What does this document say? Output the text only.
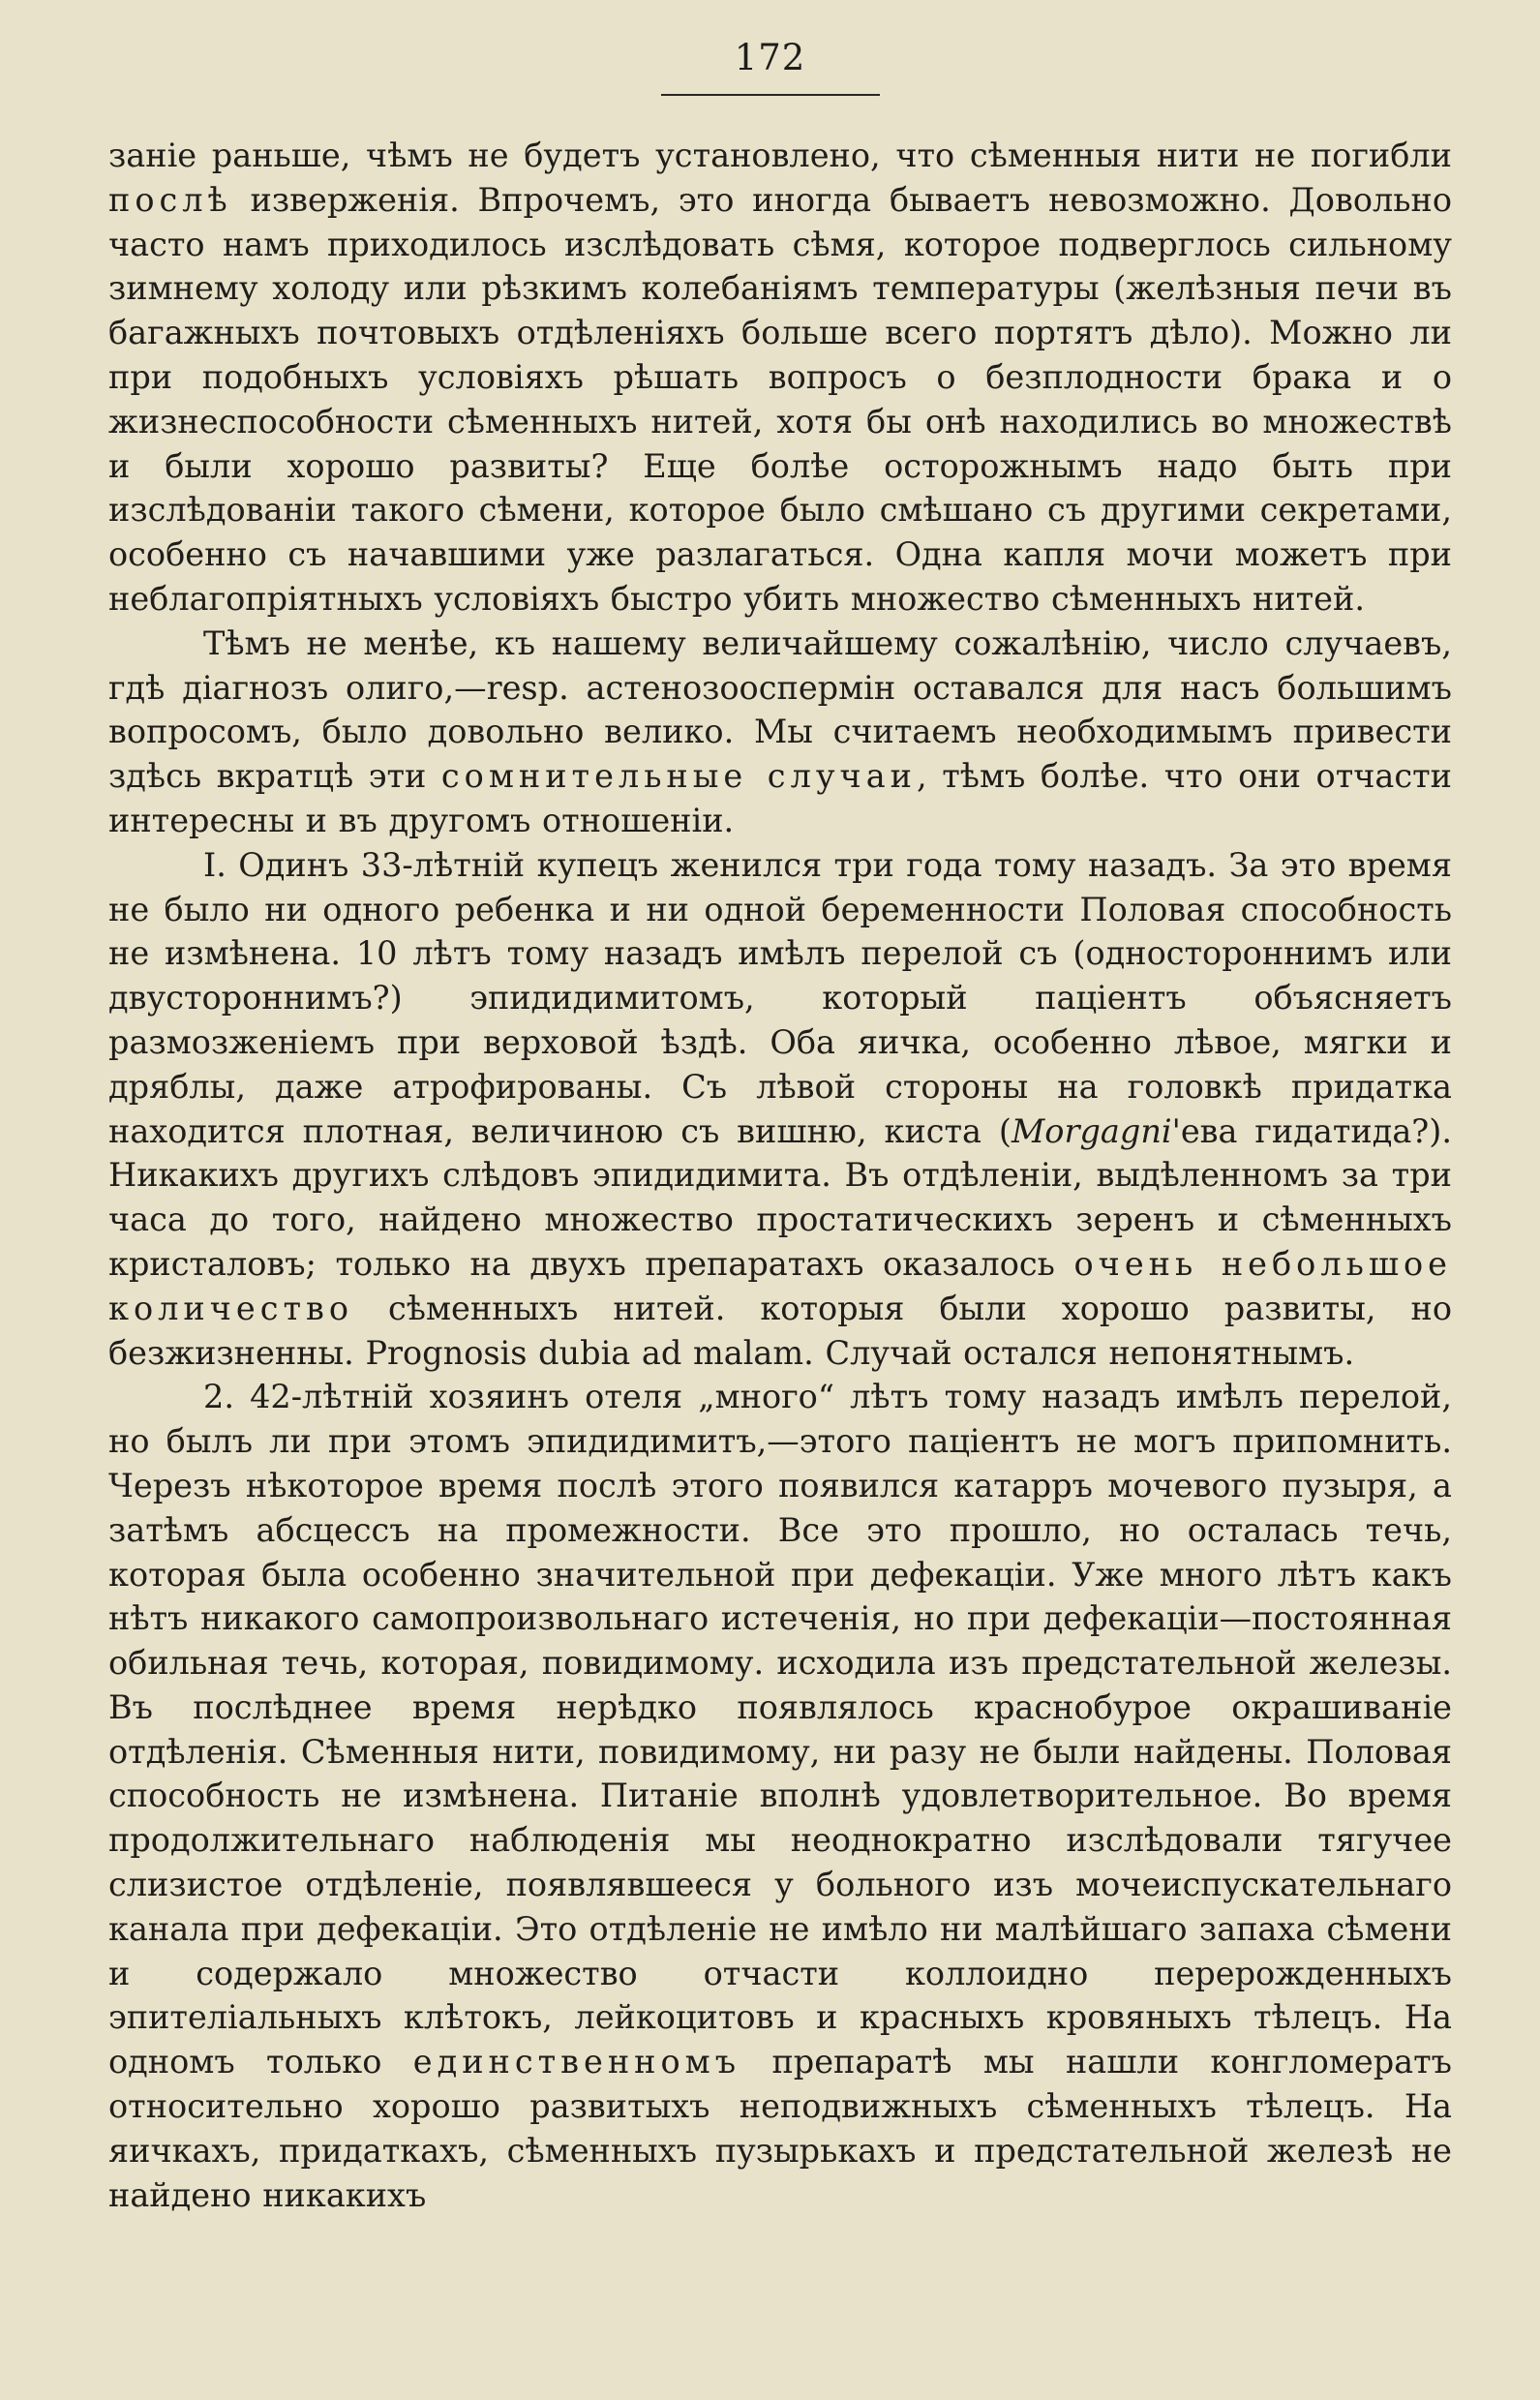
172

заніе раньше, чѣмъ не будетъ установлено, что сѣменныя нити не погибли послѣ изверженія. Впрочемъ, это иногда бываетъ невозможно. Довольно часто намъ приходилось изслѣдовать сѣмя, которое подверглось сильному зимнему холоду или рѣзкимъ колебаніямъ температуры (желѣзныя печи въ багажныхъ почтовыхъ отдѣленіяхъ больше всего портятъ дѣло). Можно ли при подобныхъ условіяхъ рѣшать вопросъ о безплодности брака и о жизнеспособности сѣменныхъ нитей, хотя бы онѣ находились во множествѣ и были хорошо развиты? Еще болѣе осторожнымъ надо быть при изслѣдованіи такого сѣмени, которое было смѣшано съ другими секретами, особенно съ начавшими уже разлагаться. Одна капля мочи можетъ при неблагопріятныхъ условіяхъ быстро убить множество сѣменныхъ нитей.

Тѣмъ не менѣе, къ нашему величайшему сожалѣнію, число случаевъ, гдѣ діагнозъ олиго,—resp. астенозооспермін оставался для насъ большимъ вопросомъ, было довольно велико. Мы считаемъ необходимымъ привести здѣсь вкратцѣ эти сомнительные случаи, тѣмъ болѣе. что они отчасти интересны и въ другомъ отношеніи.

I. Одинъ 33-лѣтній купецъ женился три года тому назадъ. За это время не было ни одного ребенка и ни одной беременности Половая способность не измѣнена. 10 лѣтъ тому назадъ имѣлъ перелой съ (одностороннимъ или двустороннимъ?) эпидидимитомъ, который паціентъ объясняетъ размозженіемъ при верховой ѣздѣ. Оба яичка, особенно лѣвое, мягки и дряблы, даже атрофированы. Съ лѣвой стороны на головкѣ придатка находится плотная, величиною съ вишню, киста (Morgagni'ева гидатида?). Никакихъ другихъ слѣдовъ эпидидимита. Въ отдѣленіи, выдѣленномъ за три часа до того, найдено множество простатическихъ зеренъ и сѣменныхъ кристаловъ; только на двухъ препаратахъ оказалось очень небольшое количество сѣменныхъ нитей. которыя были хорошо развиты, но безжизненны. Prognosis dubia ad malam. Случай остался непонятнымъ.

2. 42-лѣтній хозяинъ отеля „много“ лѣтъ тому назадъ имѣлъ перелой, но былъ ли при этомъ эпидидимитъ,—этого паціентъ не могъ припомнить. Черезъ нѣкоторое время послѣ этого появился катарръ мочевого пузыря, а затѣмъ абсцессъ на промежности. Все это прошло, но осталась течь, которая была особенно значительной при дефекаціи. Уже много лѣтъ какъ нѣтъ никакого самопроизвольнаго истеченія, но при дефекаціи—постоянная обильная течь, которая, повидимому. исходила изъ предстательной железы. Въ послѣднее время нерѣдко появлялось краснобурое окрашиваніе отдѣленія. Сѣменныя нити, повидимому, ни разу не были найдены. Половая способность не измѣнена. Питаніе вполнѣ удовлетворительное. Во время продолжительнаго наблюденія мы неоднократно изслѣдовали тягучее слизистое отдѣленіе, появлявшееся у больного изъ мочеиспускательнаго канала при дефекаціи. Это отдѣленіе не имѣло ни малѣйшаго запаха сѣмени и содержало множество отчасти коллоидно перерожденныхъ эпителіальныхъ клѣтокъ, лейкоцитовъ и красныхъ кровяныхъ тѣлецъ. На одномъ только единственномъ препаратѣ мы нашли конгломератъ относительно хорошо развитыхъ неподвижныхъ сѣменныхъ тѣлецъ. На яичкахъ, придаткахъ, сѣменныхъ пузырькахъ и предстательной железѣ не найдено никакихъ
